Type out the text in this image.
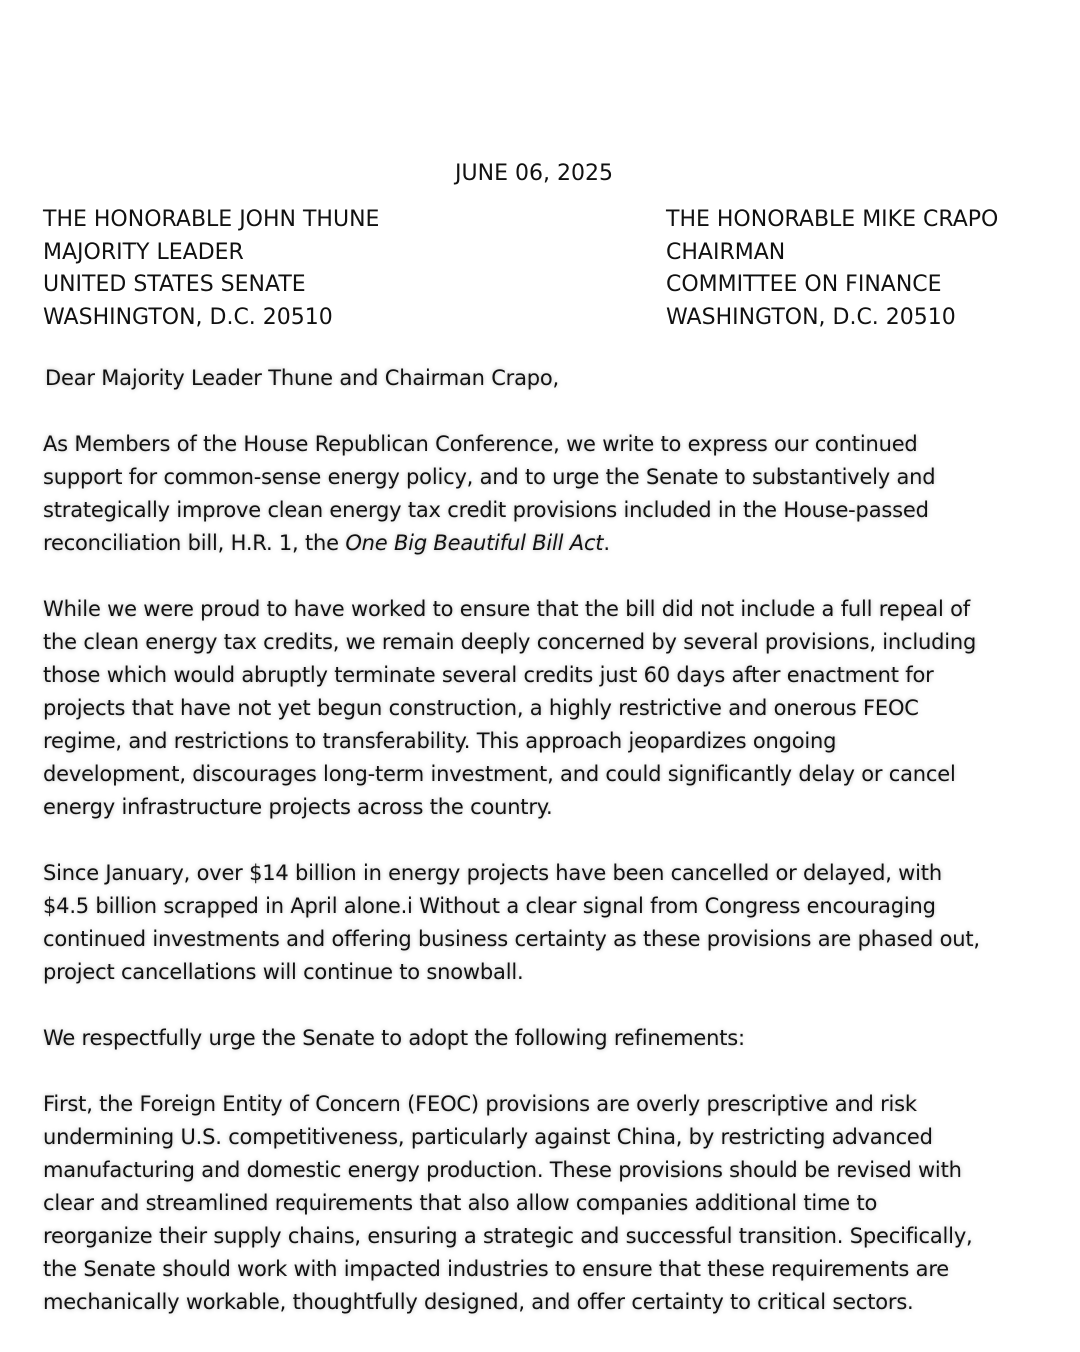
JUNE 06, 2025
THE HONORABLE JOHN THUNE
MAJORITY LEADER
UNITED STATES SENATE
WASHINGTON, D.C. 20510
THE HONORABLE MIKE CRAPO
CHAIRMAN
COMMITTEE ON FINANCE
WASHINGTON, D.C. 20510

Dear Majority Leader Thune and Chairman Crapo,

As Members of the House Republican Conference, we write to express our continued
support for common-sense energy policy, and to urge the Senate to substantively and
strategically improve clean energy tax credit provisions included in the House-passed
reconciliation bill, H.R. 1, the One Big Beautiful Bill Act.

While we were proud to have worked to ensure that the bill did not include a full repeal of
the clean energy tax credits, we remain deeply concerned by several provisions, including
those which would abruptly terminate several credits just 60 days after enactment for
projects that have not yet begun construction, a highly restrictive and onerous FEOC
regime, and restrictions to transferability. This approach jeopardizes ongoing
development, discourages long-term investment, and could significantly delay or cancel
energy infrastructure projects across the country.

Since January, over $14 billion in energy projects have been cancelled or delayed, with
$4.5 billion scrapped in April alone.i Without a clear signal from Congress encouraging
continued investments and offering business certainty as these provisions are phased out,
project cancellations will continue to snowball.

We respectfully urge the Senate to adopt the following refinements:

First, the Foreign Entity of Concern (FEOC) provisions are overly prescriptive and risk
undermining U.S. competitiveness, particularly against China, by restricting advanced
manufacturing and domestic energy production. These provisions should be revised with
clear and streamlined requirements that also allow companies additional time to
reorganize their supply chains, ensuring a strategic and successful transition. Specifically,
the Senate should work with impacted industries to ensure that these requirements are
mechanically workable, thoughtfully designed, and offer certainty to critical sectors.
